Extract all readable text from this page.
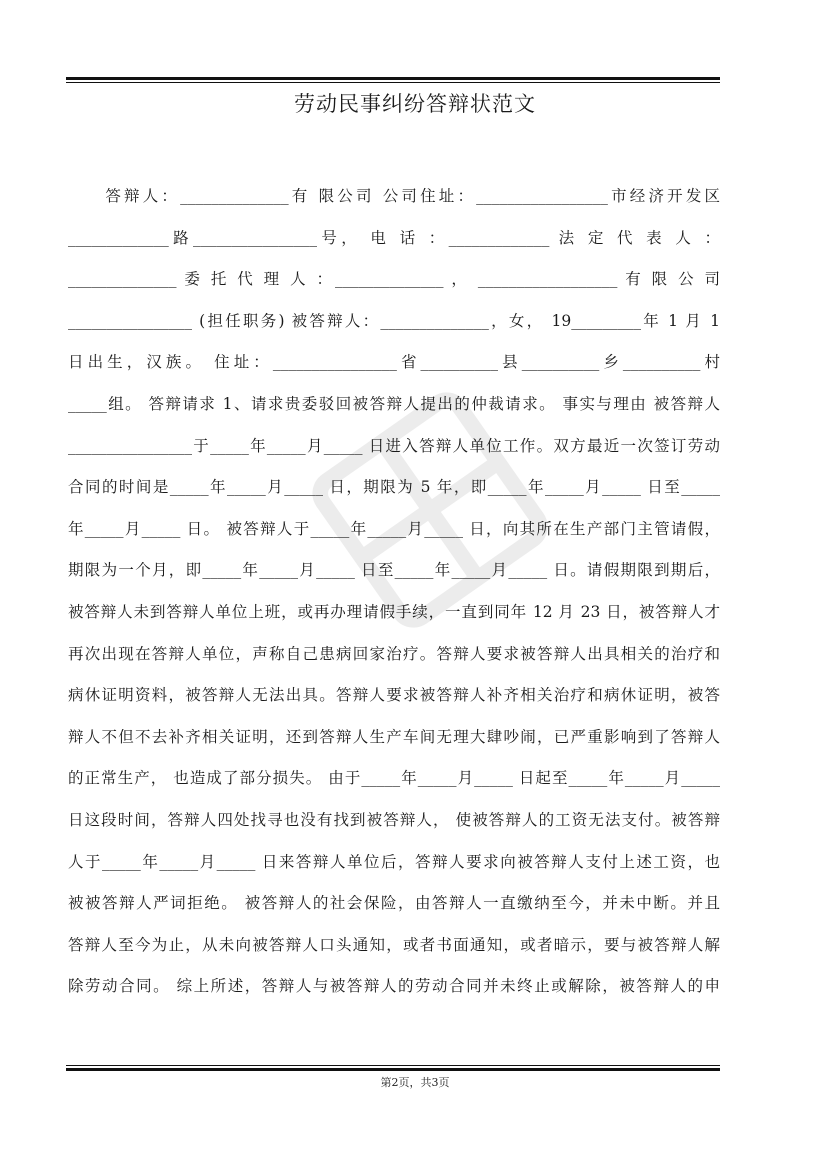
劳动民事纠纷答辩状范文
　　答辩人：______________有 限公司 公司住址：_________________市经济开发区
_____________路________________号， 电 话 ：_____________ 法 定 代 表 人 ：
______________ 委 托 代 理 人 ：______________ ， __________________ 有 限 公 司
________________ (担任职务) 被答辩人：______________，女， 19_________年 1 月 1
日出生，汉族。 住址：________________省__________县__________乡__________村
_____组。 答辩请求 1、请求贵委驳回被答辩人提出的仲裁请求。 事实与理由 被答辩人
________________于_____年_____月_____ 日进入答辩人单位工作。双方最近一次签订劳动
合同的时间是_____年_____月_____ 日，期限为 5 年，即_____年_____月_____ 日至_____
年_____月_____ 日。 被答辩人于_____年_____月_____ 日，向其所在生产部门主管请假，
期限为一个月，即_____年_____月_____ 日至_____年_____月_____ 日。请假期限到期后，
被答辩人未到答辩人单位上班，或再办理请假手续，一直到同年 12 月 23 日，被答辩人才
再次出现在答辩人单位，声称自己患病回家治疗。答辩人要求被答辩人出具相关的治疗和
病休证明资料，被答辩人无法出具。答辩人要求被答辩人补齐相关治疗和病休证明，被答
辩人不但不去补齐相关证明，还到答辩人生产车间无理大肆吵闹，已严重影响到了答辩人
的正常生产， 也造成了部分损失。 由于_____年_____月_____ 日起至_____年_____月_____
日这段时间，答辩人四处找寻也没有找到被答辩人， 使被答辩人的工资无法支付。被答辩
人于_____年_____月_____ 日来答辩人单位后，答辩人要求向被答辩人支付上述工资，也
被被答辩人严词拒绝。 被答辩人的社会保险，由答辩人一直缴纳至今，并未中断。并且
答辩人至今为止，从未向被答辩人口头通知，或者书面通知，或者暗示，要与被答辩人解
除劳动合同。 综上所述，答辩人与被答辩人的劳动合同并未终止或解除，被答辩人的申
第2页，共3页
